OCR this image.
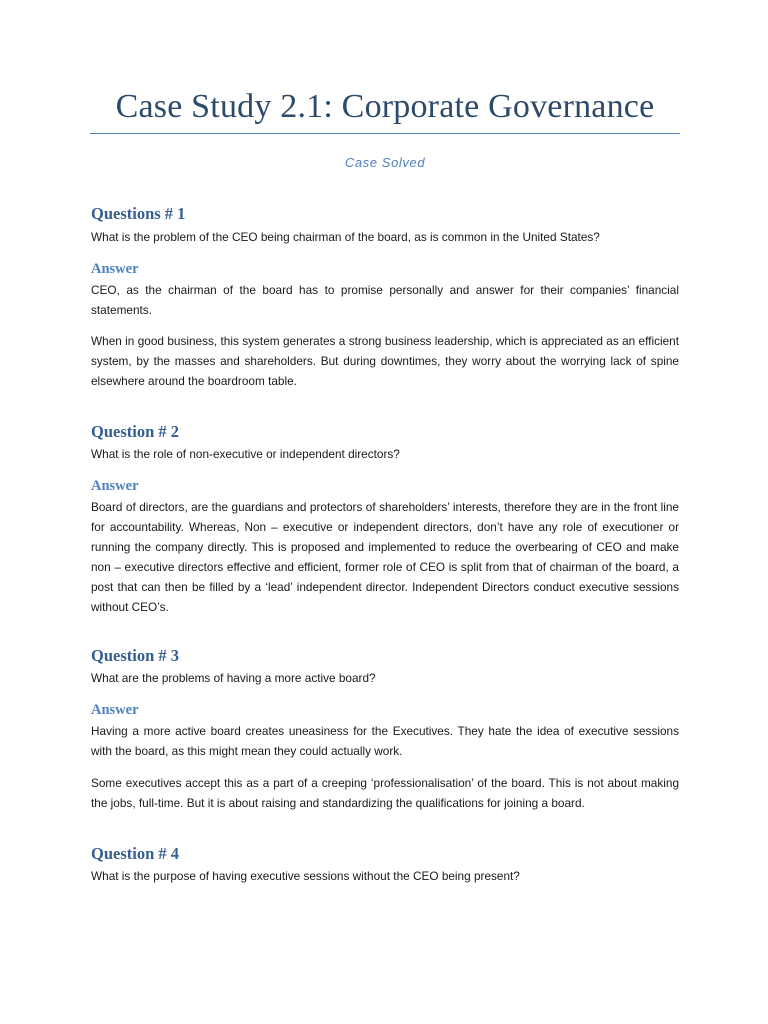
Case Study 2.1: Corporate Governance
Case Solved
Questions # 1
What is the problem of the CEO being chairman of the board, as is common in the United States?
Answer
CEO, as the chairman of the board has to promise personally and answer for their companies’ financial statements.
When in good business, this system generates a strong business leadership, which is appreciated as an efficient system, by the masses and shareholders. But during downtimes, they worry about the worrying lack of spine elsewhere around the boardroom table.
Question # 2
What is the role of non-executive or independent directors?
Answer
Board of directors, are the guardians and protectors of shareholders’ interests, therefore they are in the front line for accountability. Whereas, Non – executive or independent directors, don’t have any role of executioner or running the company directly. This is proposed and implemented to reduce the overbearing of CEO and make non – executive directors effective and efficient, former role of CEO is split from that of chairman of the board, a post that can then be filled by a ‘lead’ independent director. Independent Directors conduct executive sessions without CEO’s.
Question # 3
What are the problems of having a more active board?
Answer
Having a more active board creates uneasiness for the Executives. They hate the idea of executive sessions with the board, as this might mean they could actually work.
Some executives accept this as a part of a creeping ‘professionalisation’ of the board. This is not about making the jobs, full-time. But it is about raising and standardizing the qualifications for joining a board.
Question # 4
What is the purpose of having executive sessions without the CEO being present?
